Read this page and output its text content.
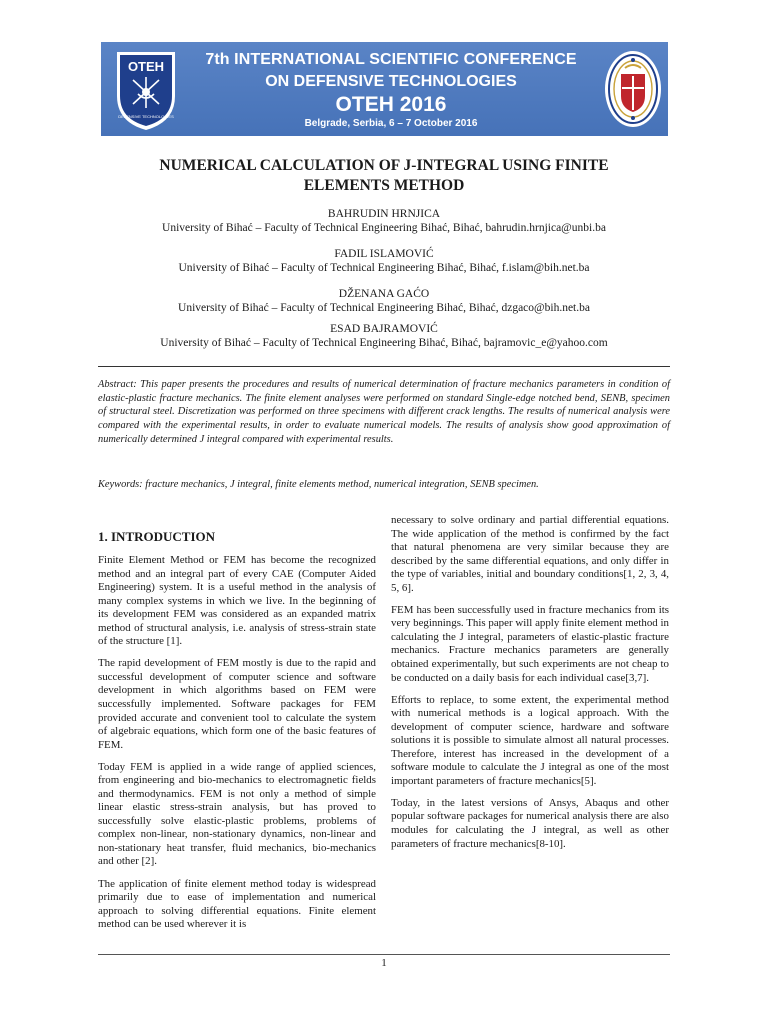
OTEH
DEFENSIVE TECHNOLOGIES
7th INTERNATIONAL SCIENTIFIC CONFERENCE
ON DEFENSIVE TECHNOLOGIES
OTEH 2016
Belgrade, Serbia, 6 – 7 October 2016
NUMERICAL CALCULATION OF J-INTEGRAL USING FINITE
ELEMENTS METHOD
BAHRUDIN HRNJICA
University of Bihać – Faculty of Technical Engineering Bihać, Bihać, bahrudin.hrnjica@unbi.ba
FADIL ISLAMOVIĆ
University of Bihać – Faculty of Technical Engineering Bihać, Bihać, f.islam@bih.net.ba
DŽENANA GAĆO
University of Bihać – Faculty of Technical Engineering Bihać, Bihać, dzgaco@bih.net.ba
ESAD BAJRAMOVIĆ
University of Bihać – Faculty of Technical Engineering Bihać, Bihać, bajramovic_e@yahoo.com
Abstract: This paper presents the procedures and results of numerical determination of fracture mechanics parameters in condition of elastic-plastic fracture mechanics. The finite element analyses were performed on standard Single-edge notched bend, SENB, specimen of structural steel. Discretization was performed on three specimens with different crack lengths. The results of numerical analysis were compared with the experimental results, in order to evaluate numerical models. The results of analysis show good approximation of numerically determined J integral compared with experimental results.
Keywords: fracture mechanics, J integral, finite elements method, numerical integration, SENB specimen.
1. INTRODUCTION

Finite Element Method or FEM has become the recognized method and an integral part of every CAE (Computer Aided Engineering) system. It is a useful method in the analysis of many complex systems in which we live. In the beginning of its development FEM was considered as an expanded matrix method of structural analysis, i.e. analysis of stress-strain state of the structure [1].

The rapid development of FEM mostly is due to the rapid and successful development of computer science and software development in which algorithms based on FEM were successfully implemented. Software packages for FEM provided accurate and convenient tool to calculate the system of algebraic equations, which form one of the basic features of FEM.

Today FEM is applied in a wide range of applied sciences, from engineering and bio-mechanics to electromagnetic fields and thermodynamics. FEM is not only a method of simple linear elastic stress-strain analysis, but has proved to successfully solve elastic-plastic problems, problems of complex non-linear, non-stationary dynamics, non-linear and non-stationary heat transfer, fluid mechanics, bio-mechanics and other [2].

The application of finite element method today is widespread primarily due to ease of implementation and numerical approach to solving differential equations. Finite element method can be used wherever it is

necessary to solve ordinary and partial differential equations. The wide application of the method is confirmed by the fact that natural phenomena are very similar because they are described by the same differential equations, and only differ in the type of variables, initial and boundary conditions[1, 2, 3, 4, 5, 6].

FEM has been successfully used in fracture mechanics from its very beginnings. This paper will apply finite element method in calculating the J integral, parameters of elastic-plastic fracture mechanics. Fracture mechanics parameters are generally obtained experimentally, but such experiments are not cheap to be conducted on a daily basis for each individual case[3,7].

Efforts to replace, to some extent, the experimental method with numerical methods is a logical approach. With the development of computer science, hardware and software solutions it is possible to simulate almost all natural processes. Therefore, interest has increased in the development of a software module to calculate the J integral as one of the most important parameters of fracture mechanics[5].

Today, in the latest versions of Ansys, Abaqus and other popular software packages for numerical analysis there are also modules for calculating the J integral, as well as other parameters of fracture mechanics[8-10].

1
